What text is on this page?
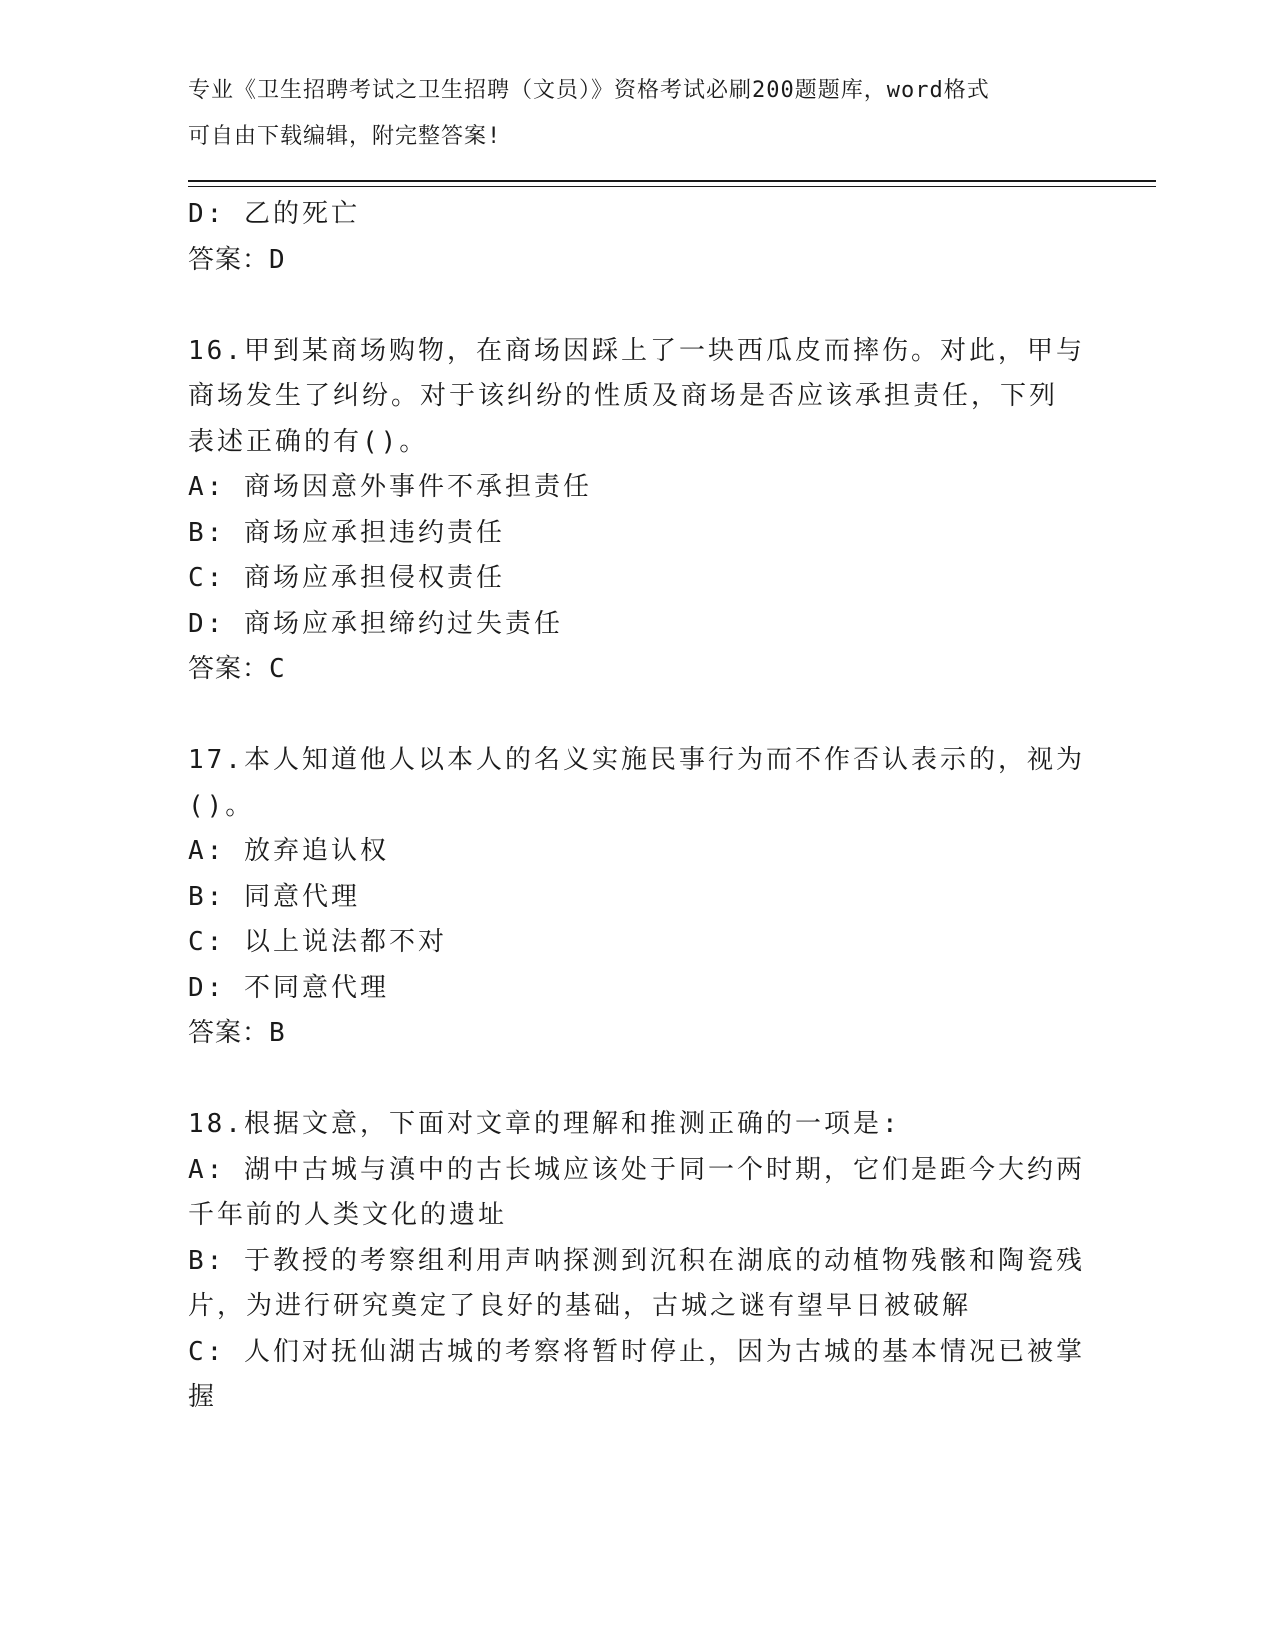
专业《卫生招聘考试之卫生招聘（文员）》资格考试必刷200题题库，word格式
可自由下载编辑，附完整答案!
D: 乙的死亡
答案：D
16.甲到某商场购物，在商场因踩上了一块西瓜皮而摔伤。对此，甲与
商场发生了纠纷。对于该纠纷的性质及商场是否应该承担责任，下列
表述正确的有()。
A: 商场因意外事件不承担责任
B: 商场应承担违约责任
C: 商场应承担侵权责任
D: 商场应承担缔约过失责任
答案：C
17.本人知道他人以本人的名义实施民事行为而不作否认表示的，视为
()。
A: 放弃追认权
B: 同意代理
C: 以上说法都不对
D: 不同意代理
答案：B
18.根据文意，下面对文章的理解和推测正确的一项是:
A: 湖中古城与滇中的古长城应该处于同一个时期，它们是距今大约两
千年前的人类文化的遗址
B: 于教授的考察组利用声呐探测到沉积在湖底的动植物残骸和陶瓷残
片，为进行研究奠定了良好的基础，古城之谜有望早日被破解
C: 人们对抚仙湖古城的考察将暂时停止，因为古城的基本情况已被掌
握
